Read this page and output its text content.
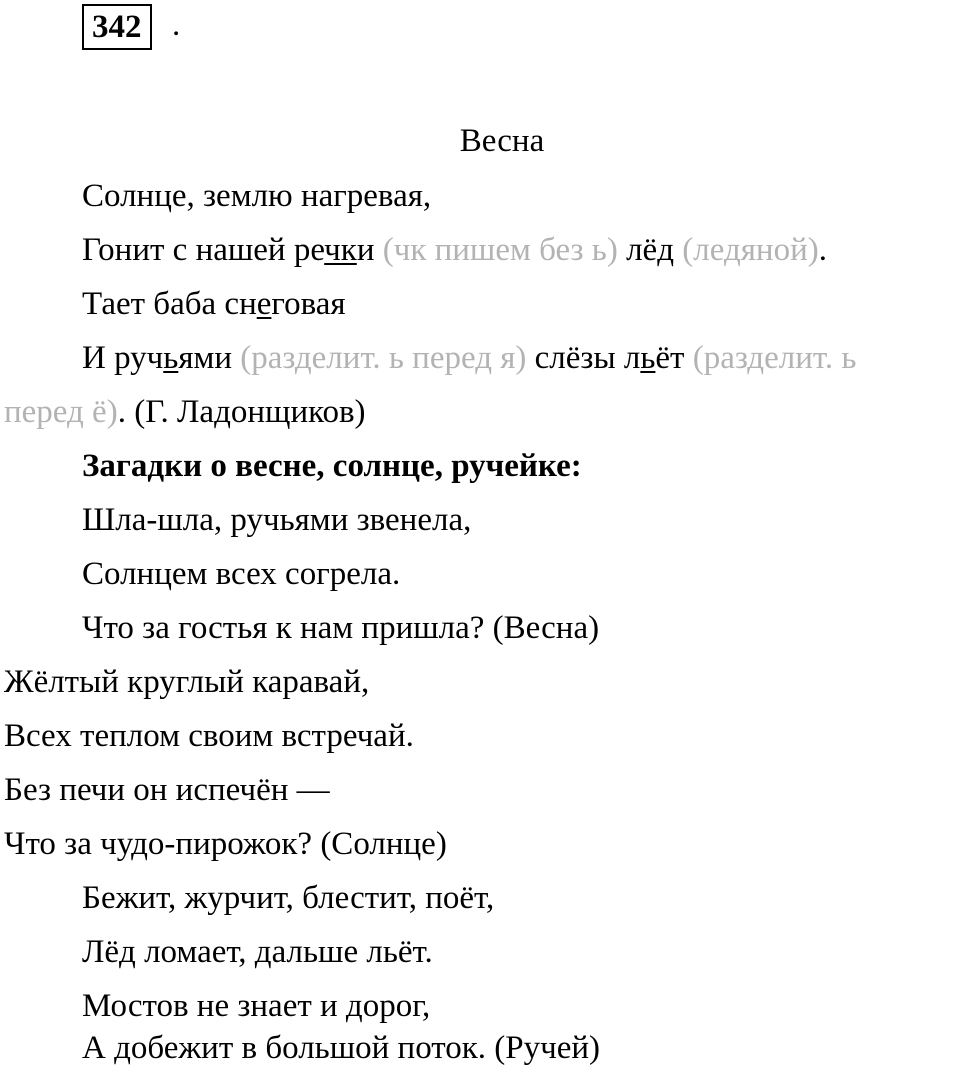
342 .
Весна
Солнце, землю нагревая,
Гонит с нашей речки (чк пишем без ь) лёд (ледяной).
Тает баба снеговая
И ручьями (разделит. ь перед я) слёзы льёт (разделит. ь
перед ё). (Г. Ладонщиков)
Загадки о весне, солнце, ручейке:
Шла-шла, ручьями звенела,
Солнцем всех согрела.
Что за гостья к нам пришла? (Весна)
Жёлтый круглый каравай,
Всех теплом своим встречай.
Без печи он испечён —
Что за чудо-пирожок? (Солнце)
Бежит, журчит, блестит, поёт,
Лёд ломает, дальше льёт.
Мостов не знает и дорог,
А добежит в большой поток. (Ручей)
